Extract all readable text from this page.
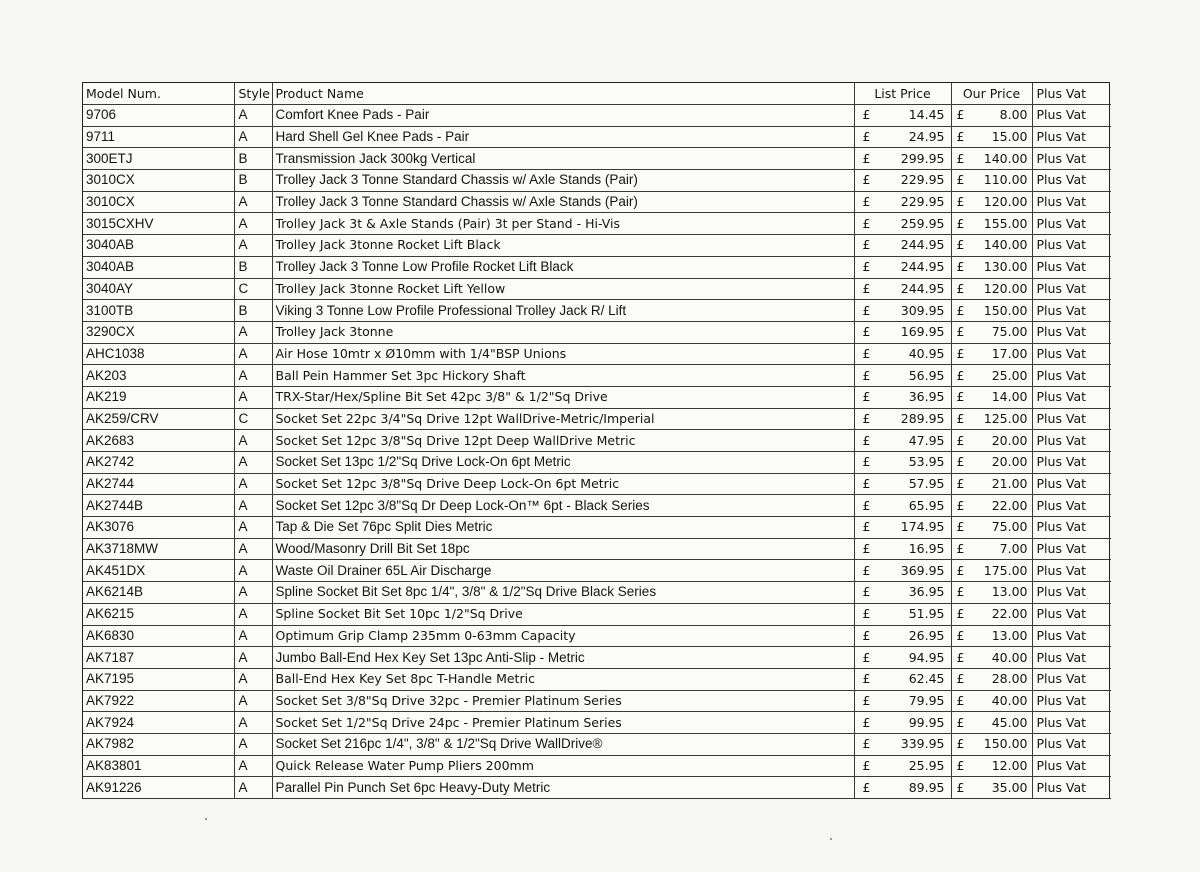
Model Num.	Style	Product Name	List Price		Our Price		Plus Vat
9706	A	Comfort Knee Pads - Pair	£	14.45	£	8.00	Plus Vat
9711	A	Hard Shell Gel Knee Pads - Pair	£	24.95	£	15.00	Plus Vat
300ETJ	B	Transmission Jack 300kg Vertical	£	299.95	£	140.00	Plus Vat
3010CX	B	Trolley Jack 3 Tonne Standard Chassis w/ Axle Stands (Pair)	£	229.95	£	110.00	Plus Vat
3010CX	A	Trolley Jack 3 Tonne Standard Chassis w/ Axle Stands (Pair)	£	229.95	£	120.00	Plus Vat
3015CXHV	A	Trolley Jack 3t & Axle Stands (Pair) 3t per Stand - Hi-Vis	£	259.95	£	155.00	Plus Vat
3040AB	A	Trolley Jack 3tonne Rocket Lift Black	£	244.95	£	140.00	Plus Vat
3040AB	B	Trolley Jack 3 Tonne Low Profile Rocket Lift Black	£	244.95	£	130.00	Plus Vat
3040AY	C	Trolley Jack 3tonne Rocket Lift Yellow	£	244.95	£	120.00	Plus Vat
3100TB	B	Viking 3 Tonne Low Profile Professional Trolley Jack R/ Lift	£	309.95	£	150.00	Plus Vat
3290CX	A	Trolley Jack 3tonne	£	169.95	£	75.00	Plus Vat
AHC1038	A	Air Hose 10mtr x Ø10mm with 1/4"BSP Unions	£	40.95	£	17.00	Plus Vat
AK203	A	Ball Pein Hammer Set 3pc Hickory Shaft	£	56.95	£	25.00	Plus Vat
AK219	A	TRX-Star/Hex/Spline Bit Set 42pc 3/8" & 1/2"Sq Drive	£	36.95	£	14.00	Plus Vat
AK259/CRV	C	Socket Set 22pc 3/4"Sq Drive 12pt WallDrive-Metric/Imperial	£	289.95	£	125.00	Plus Vat
AK2683	A	Socket Set 12pc 3/8"Sq Drive 12pt Deep WallDrive Metric	£	47.95	£	20.00	Plus Vat
AK2742	A	Socket Set 13pc 1/2"Sq Drive Lock-On 6pt Metric	£	53.95	£	20.00	Plus Vat
AK2744	A	Socket Set 12pc 3/8"Sq Drive Deep Lock-On 6pt Metric	£	57.95	£	21.00	Plus Vat
AK2744B	A	Socket Set 12pc 3/8"Sq Dr Deep Lock-On™ 6pt - Black Series	£	65.95	£	22.00	Plus Vat
AK3076	A	Tap & Die Set 76pc Split Dies Metric	£	174.95	£	75.00	Plus Vat
AK3718MW	A	Wood/Masonry Drill Bit Set 18pc	£	16.95	£	7.00	Plus Vat
AK451DX	A	Waste Oil Drainer 65L Air Discharge	£	369.95	£	175.00	Plus Vat
AK6214B	A	Spline Socket Bit Set 8pc 1/4", 3/8" & 1/2"Sq Drive Black Series	£	36.95	£	13.00	Plus Vat
AK6215	A	Spline Socket Bit Set 10pc 1/2"Sq Drive	£	51.95	£	22.00	Plus Vat
AK6830	A	Optimum Grip Clamp 235mm 0-63mm Capacity	£	26.95	£	13.00	Plus Vat
AK7187	A	Jumbo Ball-End Hex Key Set 13pc Anti-Slip - Metric	£	94.95	£	40.00	Plus Vat
AK7195	A	Ball-End Hex Key Set 8pc T-Handle Metric	£	62.45	£	28.00	Plus Vat
AK7922	A	Socket Set 3/8"Sq Drive 32pc - Premier Platinum Series	£	79.95	£	40.00	Plus Vat
AK7924	A	Socket Set 1/2"Sq Drive 24pc - Premier Platinum Series	£	99.95	£	45.00	Plus Vat
AK7982	A	Socket Set 216pc 1/4", 3/8" & 1/2"Sq Drive WallDrive®	£	339.95	£	150.00	Plus Vat
AK83801	A	Quick Release Water Pump Pliers 200mm	£	25.95	£	12.00	Plus Vat
AK91226	A	Parallel Pin Punch Set 6pc Heavy-Duty Metric	£	89.95	£	35.00	Plus Vat
